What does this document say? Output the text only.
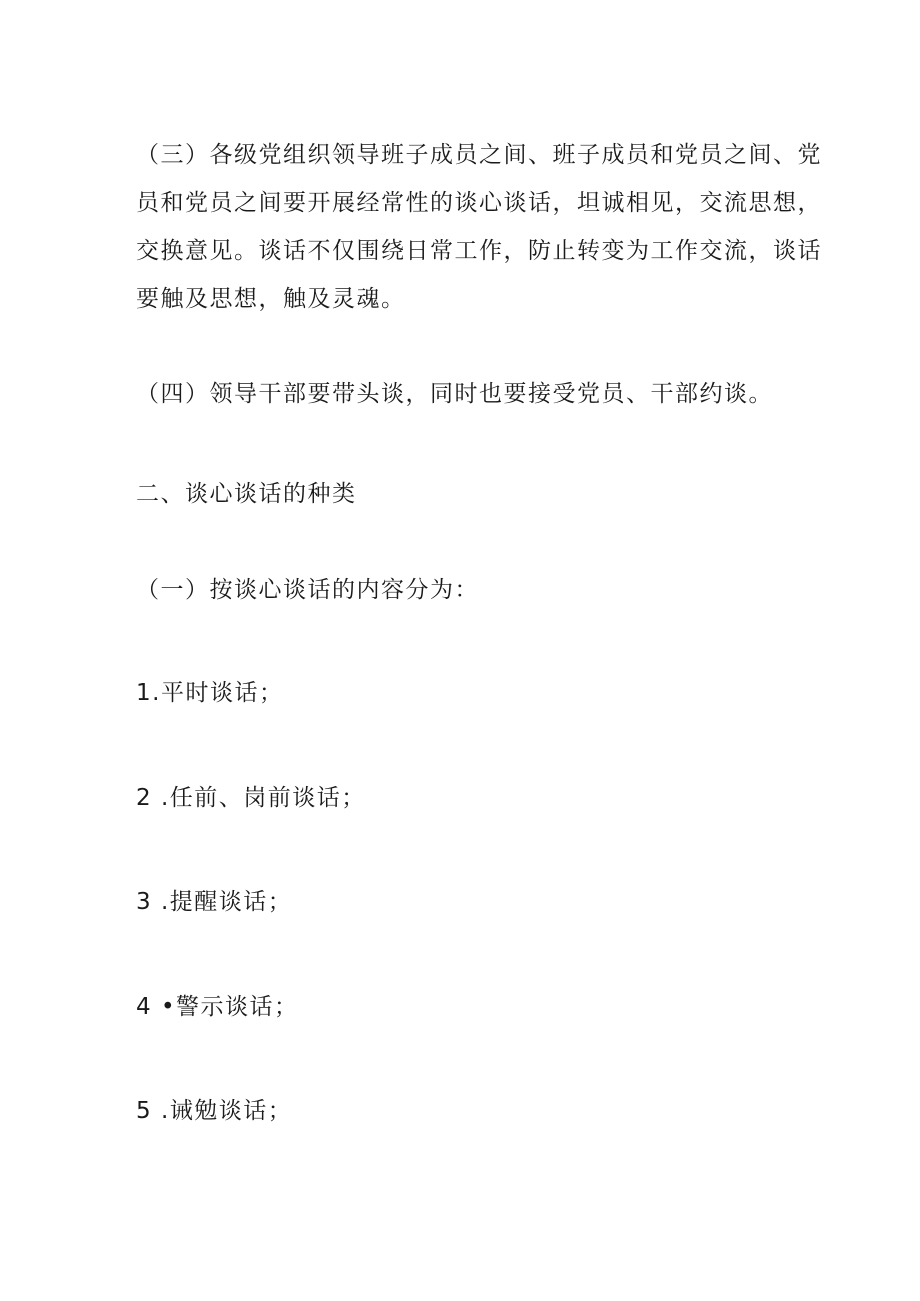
（三）各级党组织领导班子成员之间、班子成员和党员之间、党
员和党员之间要开展经常性的谈心谈话，坦诚相见，交流思想，
交换意见。谈话不仅围绕日常工作，防止转变为工作交流，谈话
要触及思想，触及灵魂。

（四）领导干部要带头谈，同时也要接受党员、干部约谈。

二、谈心谈话的种类

（一）按谈心谈话的内容分为：

1.平时谈话；

2 .任前、岗前谈话；

3 .提醒谈话；

4 •警示谈话；

5 .诫勉谈话；
